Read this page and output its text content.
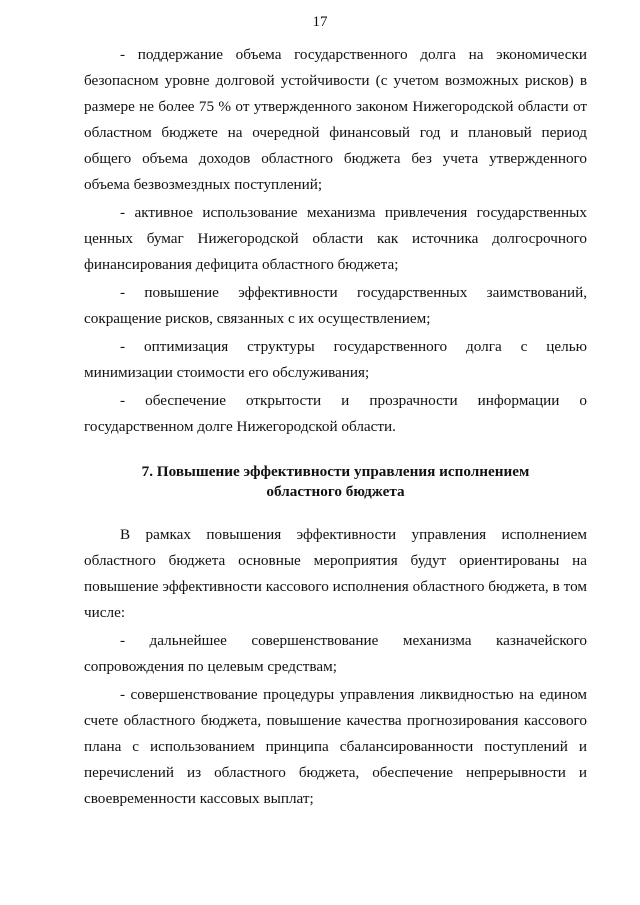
17

- поддержание объема государственного долга на экономически безопасном уровне долговой устойчивости (с учетом возможных рисков) в размере не более 75 % от утвержденного законом Нижегородской области от областном бюджете на очередной финансовый год и плановый период общего объема доходов областного бюджета без учета утвержденного объема безвозмездных поступлений;

- активное использование механизма привлечения государственных ценных бумаг Нижегородской области как источника долгосрочного финансирования дефицита областного бюджета;

- повышение эффективности государственных заимствований, сокращение рисков, связанных с их осуществлением;

- оптимизация структуры государственного долга с целью минимизации стоимости его обслуживания;

- обеспечение открытости и прозрачности информации о государственном долге Нижегородской области.

7. Повышение эффективности управления исполнением
областного бюджета

В рамках повышения эффективности управления исполнением областного бюджета основные мероприятия будут ориентированы на повышение эффективности кассового исполнения областного бюджета, в том числе:

- дальнейшее совершенствование механизма казначейского сопровождения по целевым средствам;

- совершенствование процедуры управления ликвидностью на едином счете областного бюджета, повышение качества прогнозирования кассового плана с использованием принципа сбалансированности поступлений и перечислений из областного бюджета, обеспечение непрерывности и своевременности кассовых выплат;
